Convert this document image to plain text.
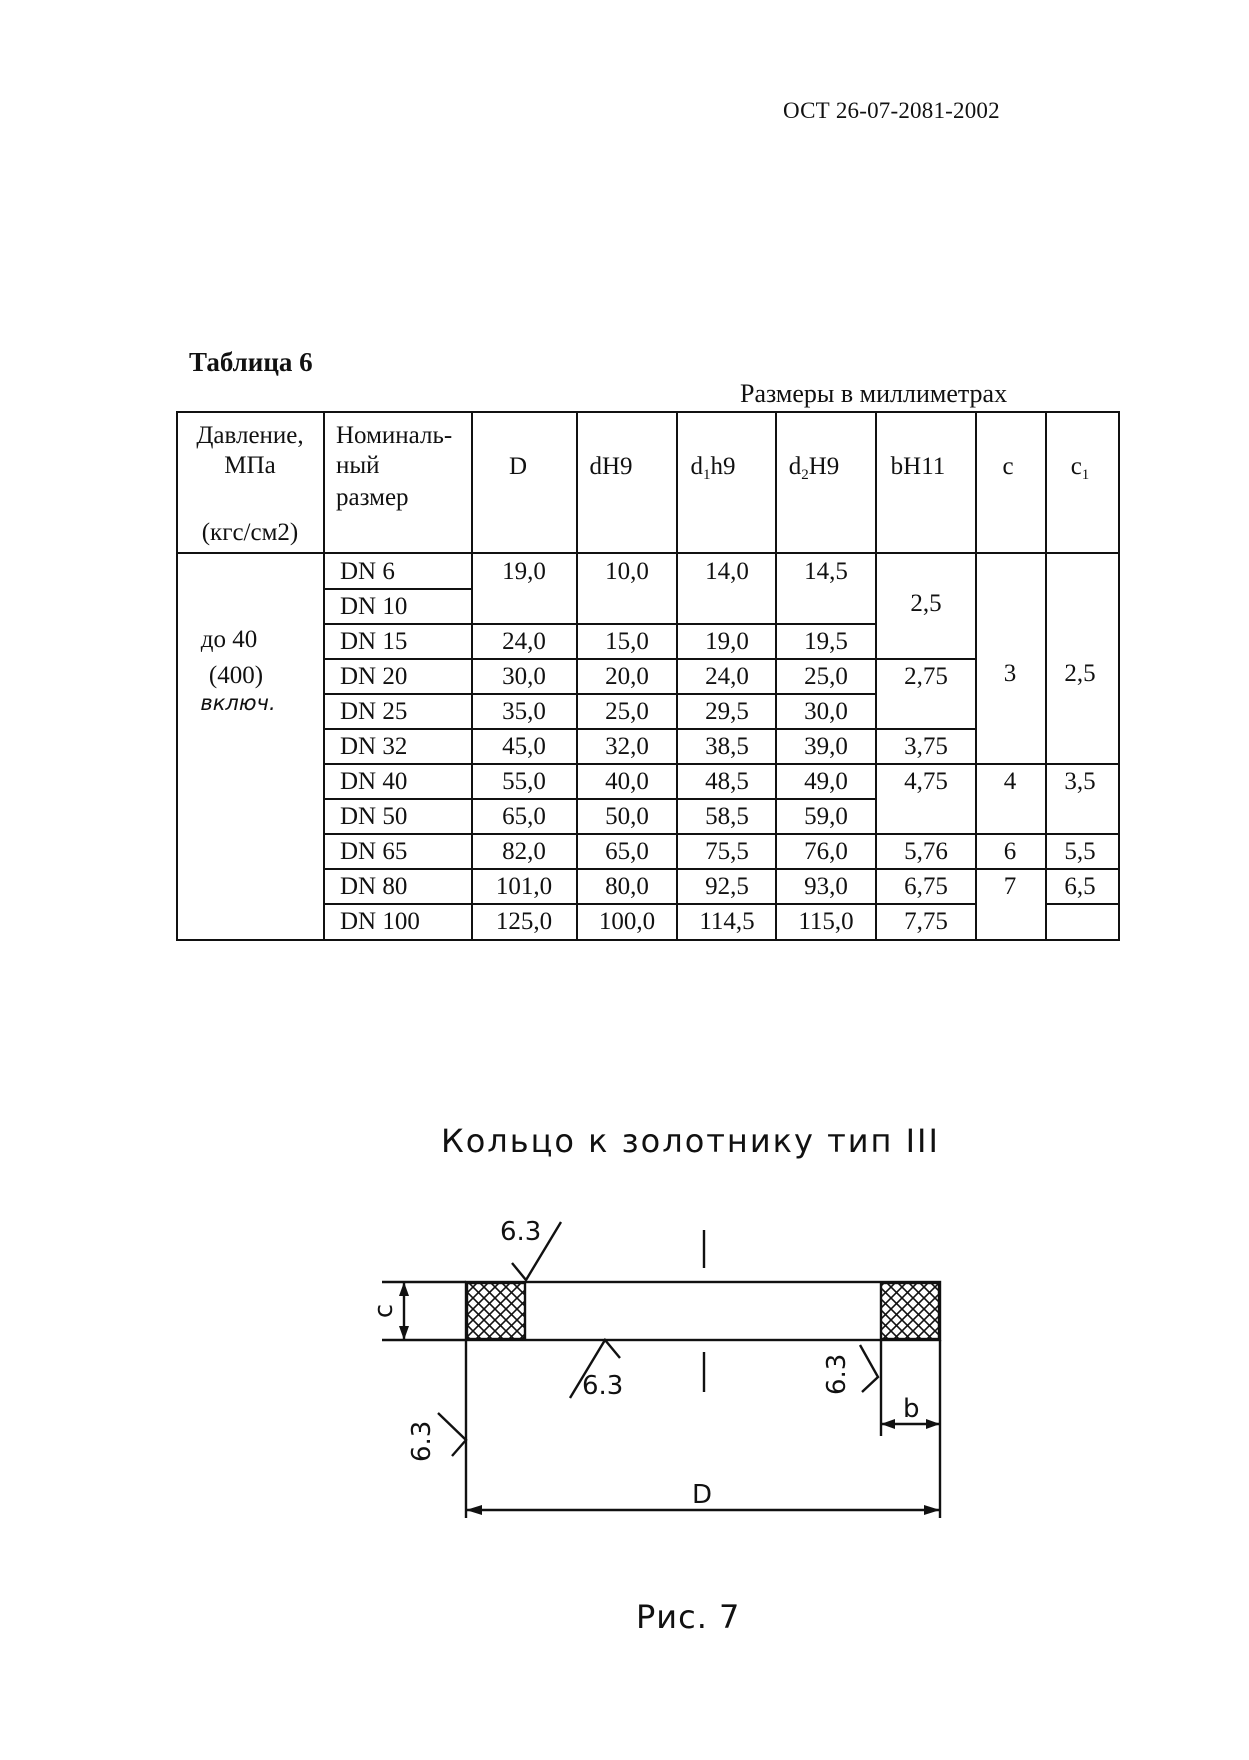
ОСТ 26-07-2081-2002
Таблица 6
Размеры в миллиметрах
Давление,
МПа
(кгс/см2)
Номиналь-
ный
размер
D dH9 $d_1h9$ $d_2H9$ bH11 c $c_1$
до 40
(400)
включ.
DN 6
DN 10
DN 15
DN 20
DN 25
DN 32
DN 40
DN 50
DN 65
DN 80
DN 100
19,0
24,0
30,0
35,0
45,0
55,0
65,0
82,0
101,0
125,0
10,0
15,0
20,0
25,0
32,0
40,0
50,0
65,0
80,0
100,0
14,0
19,0
24,0
29,5
38,5
48,5
58,5
75,5
92,5
114,5
14,5
19,5
25,0
30,0
39,0
49,0
59,0
76,0
93,0
115,0
2,5
2,75
3,75
4,75
5,76
6,75
7,75
3
4
6
7
2,5
3,5
5,5
6,5
Кольцо к золотнику тип III
c
6.3
6.3	6.3
6.3
b
D
Рис. 7
